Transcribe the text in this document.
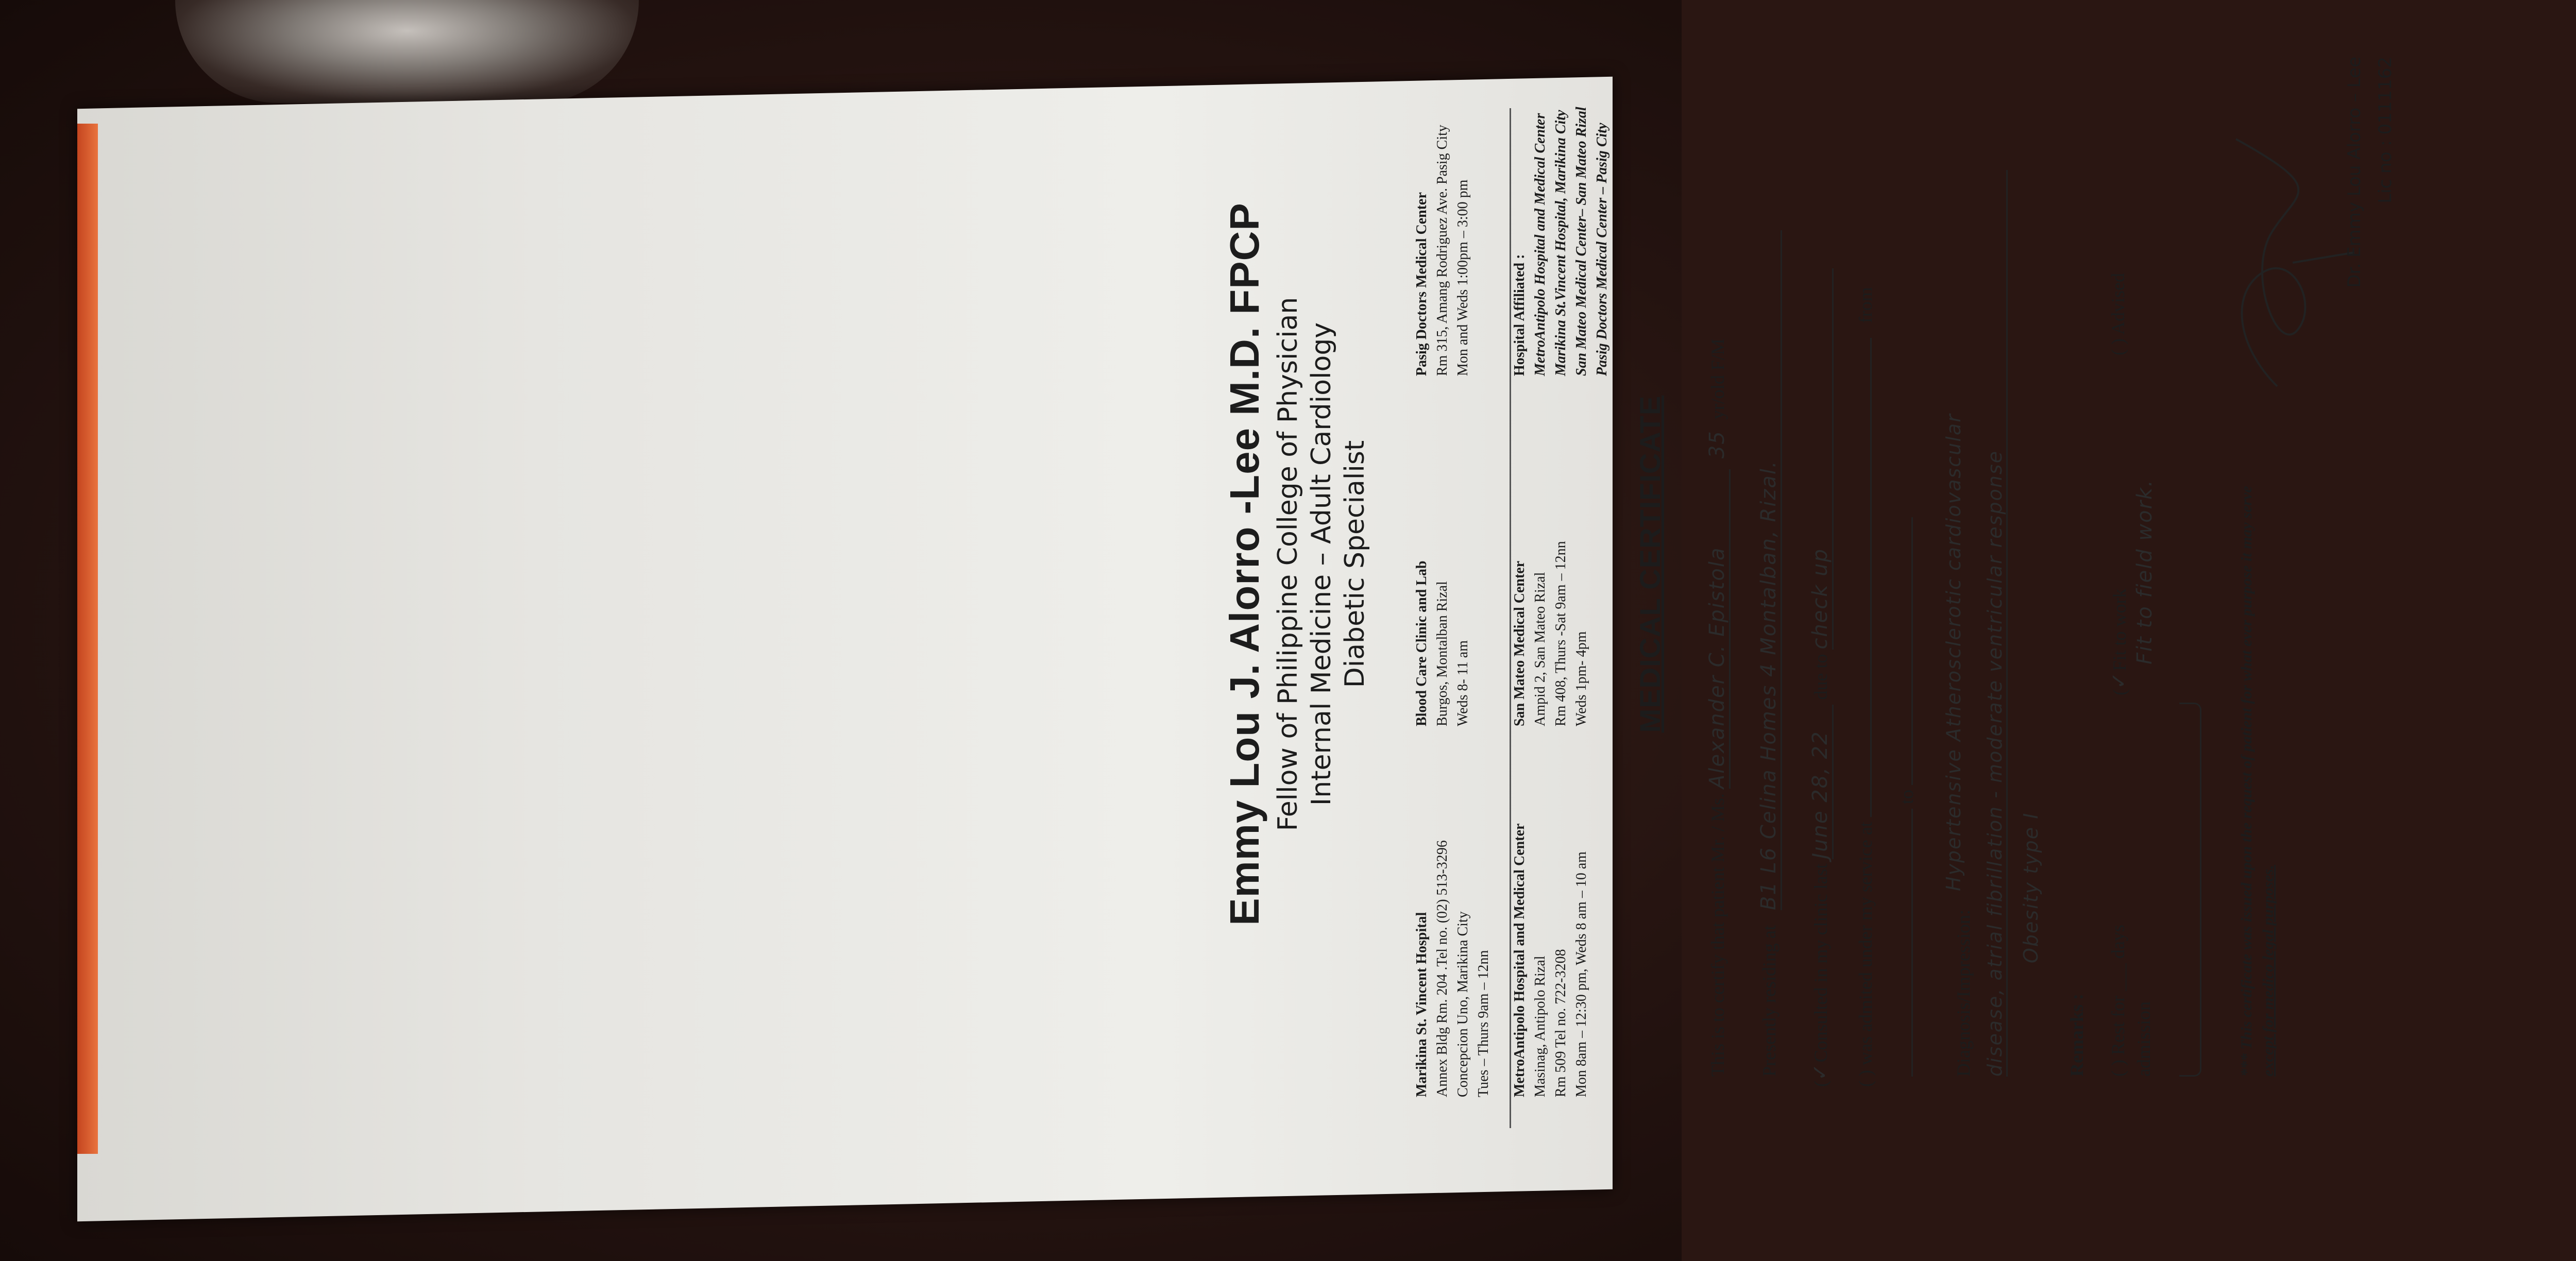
Emmy Lou J. Alorro -Lee M.D. FPCP Fellow of Philippine College of Physician Internal Medicine – Adult Cardiology Diabetic Specialist
Marikina St. Vincent Hospital Annex Bldg Rm. 204 .Tel no. (02) 513-3296 Concepcion Uno, Marikina City Tues – Thurs 9am – 12nn
Blood Care Clinic and Lab Burgos, Montalban Rizal Weds 8- 11 am
Pasig Doctors Medical Center Rm 315, Amang Rodriguez Ave. Pasig City Mon and Weds 1:00pm – 3:00 pm
MetroAntipolo Hospital and Medical Center Masinag, Antipolo Rizal Rm 509 Tel no. 722-3208 Mon 8am – 12:30 pm, Weds 8 am – 10 am
San Mateo Medical Center Ampid 2, San Mateo Rizal Rm 408, Thurs -Sat 9am – 12nn Weds 1pm- 4pm
Hospital Affiliated : MetroAntipolo Hospital and Medical Center Marikina St.Vincent Hospital, Marikina City San Mateo Medical Center– San Mateo Rizal Pasig Doctors Medical Center – Pasig City
MEDICAL CERTIFICATE
This is to certify that patient Mr. / Ms. Alexander C. Epistola 35 yr/old F/M
Presently residing at B1 L6 Celina Homes 4 Montalban, Rizal.
(✓Consulted in my clinic last June 28, 22 due to check up
( ) was admited under my service at  from
to
Diagnosis/Impression:
Hypertensive Atherosclerotic cardiovascular disease, atrial fibrillation - moderate ventricular response Obesity type I
Remarks : ( ) Rest for ___ days admission
(✓Fit to work Fit to field work.
( ) Advised
*** This certificate was issued upon the request of patient for what ever purpose it may serve except for medico legal purposes.
Dr. Emmy Lou Alorro – Lee Lic no : 0111162
